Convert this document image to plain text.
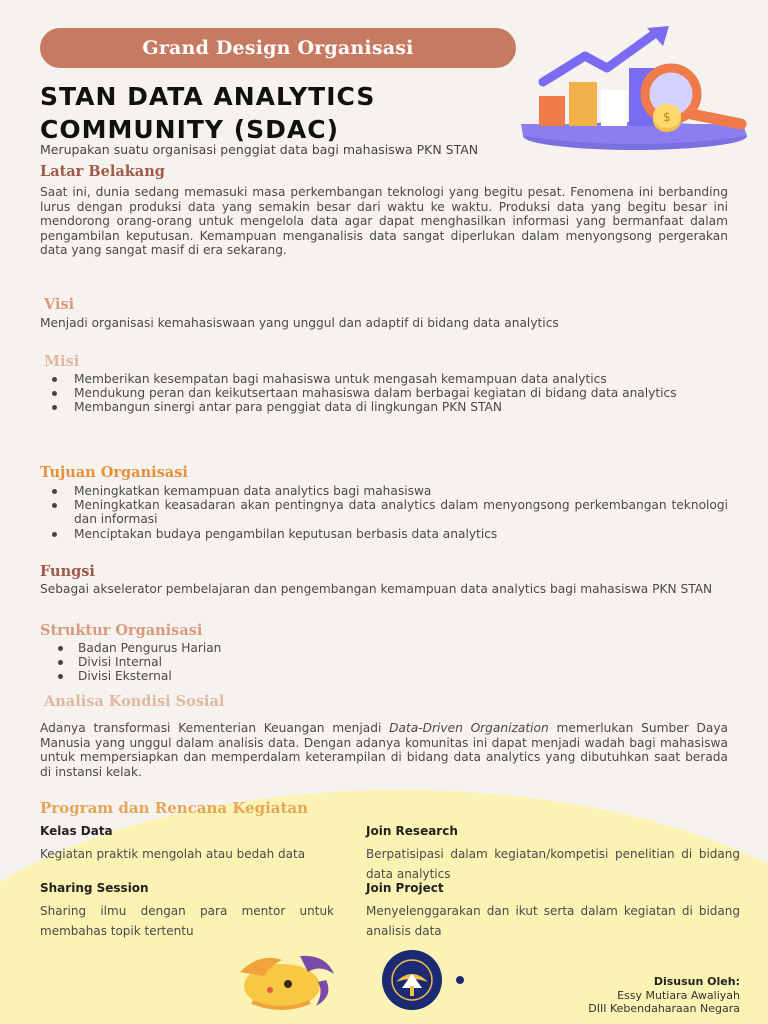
Grand Design Organisasi
$
STAN DATA ANALYTICS
COMMUNITY (SDAC)
Merupakan suatu organisasi penggiat data bagi mahasiswa PKN STAN
Latar Belakang
Saat ini, dunia sedang memasuki masa perkembangan teknologi yang begitu pesat. Fenomena ini berbanding lurus dengan produksi data yang semakin besar dari waktu ke waktu. Produksi data yang begitu besar ini mendorong orang-orang untuk mengelola data agar dapat menghasilkan informasi yang bermanfaat dalam pengambilan keputusan. Kemampuan menganalisis data sangat diperlukan dalam menyongsong pergerakan data yang sangat masif di era sekarang.
Visi
Menjadi organisasi kemahasiswaan yang unggul dan adaptif di bidang data analytics
Misi
Memberikan kesempatan bagi mahasiswa untuk mengasah kemampuan data analytics
Mendukung peran dan keikutsertaan mahasiswa dalam berbagai kegiatan di bidang data analytics
Membangun sinergi antar para penggiat data di lingkungan PKN STAN
Tujuan Organisasi
Meningkatkan kemampuan data analytics bagi mahasiswa
Meningkatkan keasadaran akan pentingnya data analytics dalam menyongsong perkembangan teknologi dan informasi
Menciptakan budaya pengambilan keputusan berbasis data analytics
Fungsi
Sebagai akselerator pembelajaran dan pengembangan kemampuan data analytics bagi mahasiswa PKN STAN
Struktur Organisasi
Badan Pengurus Harian
Divisi Internal
Divisi Eksternal
Analisa Kondisi Sosial
Adanya transformasi Kementerian Keuangan menjadi Data-Driven Organization memerlukan Sumber Daya Manusia yang unggul dalam analisis data. Dengan adanya komunitas ini dapat menjadi wadah bagi mahasiswa untuk mempersiapkan dan memperdalam keterampilan di bidang data analytics yang dibutuhkan saat berada di instansi kelak.
Program dan Rencana Kegiatan
Kelas Data
Kegiatan praktik mengolah atau bedah data
Join Research
Berpatisipasi dalam kegiatan/kompetisi penelitian di bidang data analytics
Sharing Session
Sharing ilmu dengan para mentor untuk membahas topik tertentu
Join Project
Menyelenggarakan dan ikut serta dalam kegiatan di bidang analisis data
Disusun Oleh:
Essy Mutiara Awaliyah
DIII Kebendaharaan Negara
